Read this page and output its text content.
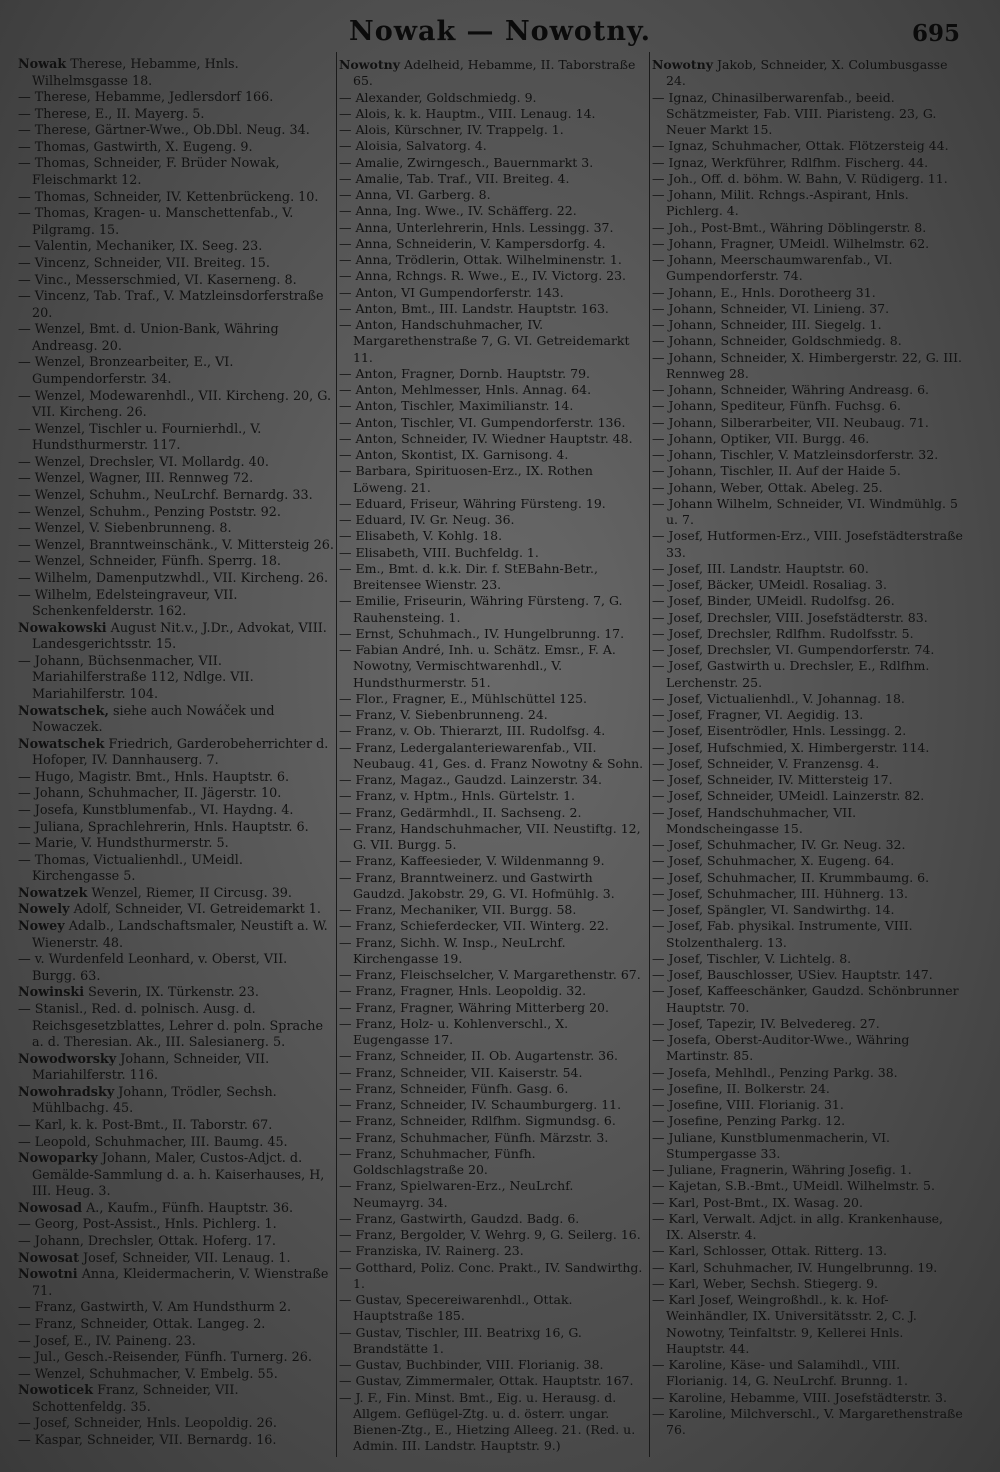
Nowak — Nowotny.	695
Nowak Therese, Hebamme, Hnls. Wilhelmsgasse 18.
— Therese, Hebamme, Jedlersdorf 166.
— Therese, E., II. Mayerg. 5.
— Therese, Gärtner-Wwe., Ob.Dbl. Neug. 34.
— Thomas, Gastwirth, X. Eugeng. 9.
— Thomas, Schneider, F. Brüder Nowak, Fleischmarkt 12.
— Thomas, Schneider, IV. Kettenbrückeng. 10.
— Thomas, Kragen- u. Manschettenfab., V. Pilgramg. 15.
— Valentin, Mechaniker, IX. Seeg. 23.
— Vincenz, Schneider, VII. Breiteg. 15.
— Vinc., Messerschmied, VI. Kaserneng. 8.
— Vincenz, Tab. Traf., V. Matzleinsdorferstraße 20.
— Wenzel, Bmt. d. Union-Bank, Währing Andreasg. 20.
— Wenzel, Bronzearbeiter, E., VI. Gumpendorferstr. 34.
— Wenzel, Modewarenhdl., VII. Kircheng. 20, G. VII. Kircheng. 26.
— Wenzel, Tischler u. Fournierhdl., V. Hundsthurmerstr. 117.
— Wenzel, Drechsler, VI. Mollardg. 40.
— Wenzel, Wagner, III. Rennweg 72.
— Wenzel, Schuhm., NeuLrchf. Bernardg. 33.
— Wenzel, Schuhm., Penzing Poststr. 92.
— Wenzel, V. Siebenbrunneng. 8.
— Wenzel, Branntweinschänk., V. Mittersteig 26.
— Wenzel, Schneider, Fünfh. Sperrg. 18.
— Wilhelm, Damenputzwhdl., VII. Kircheng. 26.
— Wilhelm, Edelsteingraveur, VII. Schenkenfelderstr. 162.
Nowakowski August Nit.v., J.Dr., Advokat, VIII. Landesgerichtsstr. 15.
— Johann, Büchsenmacher, VII. Mariahilferstraße 112, Ndlge. VII. Mariahilferstr. 104.
Nowatschek, siehe auch Nowáček und Nowaczek.
Nowatschek Friedrich, Garderobeherrichter d. Hofoper, IV. Dannhauserg. 7.
— Hugo, Magistr. Bmt., Hnls. Hauptstr. 6.
— Johann, Schuhmacher, II. Jägerstr. 10.
— Josefa, Kunstblumenfab., VI. Haydng. 4.
— Juliana, Sprachlehrerin, Hnls. Hauptstr. 6.
— Marie, V. Hundsthurmerstr. 5.
— Thomas, Victualienhdl., UMeidl. Kirchengasse 5.
Nowatzek Wenzel, Riemer, II Circusg. 39.
Nowely Adolf, Schneider, VI. Getreidemarkt 1.
Nowey Adalb., Landschaftsmaler, Neustift a. W. Wienerstr. 48.
— v. Wurdenfeld Leonhard, v. Oberst, VII. Burgg. 63.
Nowinski Severin, IX. Türkenstr. 23.
— Stanisl., Red. d. polnisch. Ausg. d. Reichsgesetzblattes, Lehrer d. poln. Sprache a. d. Theresian. Ak., III. Salesianerg. 5.
Nowodworsky Johann, Schneider, VII. Mariahilferstr. 116.
Nowohradsky Johann, Trödler, Sechsh. Mühlbachg. 45.
— Karl, k. k. Post-Bmt., II. Taborstr. 67.
— Leopold, Schuhmacher, III. Baumg. 45.
Nowoparky Johann, Maler, Custos-Adjct. d. Gemälde-Sammlung d. a. h. Kaiserhauses, H, III. Heug. 3.
Nowosad A., Kaufm., Fünfh. Hauptstr. 36.
— Georg, Post-Assist., Hnls. Pichlerg. 1.
— Johann, Drechsler, Ottak. Hoferg. 17.
Nowosat Josef, Schneider, VII. Lenaug. 1.
Nowotni Anna, Kleidermacherin, V. Wienstraße 71.
— Franz, Gastwirth, V. Am Hundsthurm 2.
— Franz, Schneider, Ottak. Langeg. 2.
— Josef, E., IV. Paineng. 23.
— Jul., Gesch.-Reisender, Fünfh. Turnerg. 26.
— Wenzel, Schuhmacher, V. Embelg. 55.
Nowoticek Franz, Schneider, VII. Schottenfeldg. 35.
— Josef, Schneider, Hnls. Leopoldig. 26.
— Kaspar, Schneider, VII. Bernardg. 16.
Nowotny Adelheid, Hebamme, II. Taborstraße 65.
— Alexander, Goldschmiedg. 9.
— Alois, k. k. Hauptm., VIII. Lenaug. 14.
— Alois, Kürschner, IV. Trappelg. 1.
— Aloisia, Salvatorg. 4.
— Amalie, Zwirngesch., Bauernmarkt 3.
— Amalie, Tab. Traf., VII. Breiteg. 4.
— Anna, VI. Garberg. 8.
— Anna, Ing. Wwe., IV. Schäfferg. 22.
— Anna, Unterlehrerin, Hnls. Lessingg. 37.
— Anna, Schneiderin, V. Kampersdorfg. 4.
— Anna, Trödlerin, Ottak. Wilhelminenstr. 1.
— Anna, Rchngs. R. Wwe., E., IV. Victorg. 23.
— Anton, VI Gumpendorferstr. 143.
— Anton, Bmt., III. Landstr. Hauptstr. 163.
— Anton, Handschuhmacher, IV. Margarethenstraße 7, G. VI. Getreidemarkt 11.
— Anton, Fragner, Dornb. Hauptstr. 79.
— Anton, Mehlmesser, Hnls. Annag. 64.
— Anton, Tischler, Maximilianstr. 14.
— Anton, Tischler, VI. Gumpendorferstr. 136.
— Anton, Schneider, IV. Wiedner Hauptstr. 48.
— Anton, Skontist, IX. Garnisong. 4.
— Barbara, Spirituosen-Erz., IX. Rothen Löweng. 21.
— Eduard, Friseur, Währing Fürsteng. 19.
— Eduard, IV. Gr. Neug. 36.
— Elisabeth, V. Kohlg. 18.
— Elisabeth, VIII. Buchfeldg. 1.
— Em., Bmt. d. k.k. Dir. f. StEBahn-Betr., Breitensee Wienstr. 23.
— Emilie, Friseurin, Währing Fürsteng. 7, G. Rauhensteing. 1.
— Ernst, Schuhmach., IV. Hungelbrunng. 17.
— Fabian André, Inh. u. Schätz. Emsr., F. A. Nowotny, Vermischtwarenhdl., V. Hundsthurmerstr. 51.
— Flor., Fragner, E., Mühlschüttel 125.
— Franz, V. Siebenbrunneng. 24.
— Franz, v. Ob. Thierarzt, III. Rudolfsg. 4.
— Franz, Ledergalanteriewarenfab., VII. Neubaug. 41, Ges. d. Franz Nowotny & Sohn.
— Franz, Magaz., Gaudzd. Lainzerstr. 34.
— Franz, v. Hptm., Hnls. Gürtelstr. 1.
— Franz, Gedärmhdl., II. Sachseng. 2.
— Franz, Handschuhmacher, VII. Neustiftg. 12, G. VII. Burgg. 5.
— Franz, Kaffeesieder, V. Wildenmanng 9.
— Franz, Branntweinerz. und Gastwirth Gaudzd. Jakobstr. 29, G. VI. Hofmühlg. 3.
— Franz, Mechaniker, VII. Burgg. 58.
— Franz, Schieferdecker, VII. Winterg. 22.
— Franz, Sichh. W. Insp., NeuLrchf. Kirchengasse 19.
— Franz, Fleischselcher, V. Margarethenstr. 67.
— Franz, Fragner, Hnls. Leopoldig. 32.
— Franz, Fragner, Währing Mitterberg 20.
— Franz, Holz- u. Kohlenverschl., X. Eugengasse 17.
— Franz, Schneider, II. Ob. Augartenstr. 36.
— Franz, Schneider, VII. Kaiserstr. 54.
— Franz, Schneider, Fünfh. Gasg. 6.
— Franz, Schneider, IV. Schaumburgerg. 11.
— Franz, Schneider, Rdlfhm. Sigmundsg. 6.
— Franz, Schuhmacher, Fünfh. Märzstr. 3.
— Franz, Schuhmacher, Fünfh. Goldschlagstraße 20.
— Franz, Spielwaren-Erz., NeuLrchf. Neumayrg. 34.
— Franz, Gastwirth, Gaudzd. Badg. 6.
— Franz, Bergolder, V. Wehrg. 9, G. Seilerg. 16.
— Franziska, IV. Rainerg. 23.
— Gotthard, Poliz. Conc. Prakt., IV. Sandwirthg. 1.
— Gustav, Specereiwarenhdl., Ottak. Hauptstraße 185.
— Gustav, Tischler, III. Beatrixg 16, G. Brandstätte 1.
— Gustav, Buchbinder, VIII. Florianig. 38.
— Gustav, Zimmermaler, Ottak. Hauptstr. 167.
— J. F., Fin. Minst. Bmt., Eig. u. Herausg. d. Allgem. Geflügel-Ztg. u. d. österr. ungar. Bienen-Ztg., E., Hietzing Alleeg. 21. (Red. u. Admin. III. Landstr. Hauptstr. 9.)
Nowotny Jakob, Schneider, X. Columbusgasse 24.
— Ignaz, Chinasilberwarenfab., beeid. Schätzmeister, Fab. VIII. Piaristeng. 23, G. Neuer Markt 15.
— Ignaz, Schuhmacher, Ottak. Flötzersteig 44.
— Ignaz, Werkführer, Rdlfhm. Fischerg. 44.
— Joh., Off. d. böhm. W. Bahn, V. Rüdigerg. 11.
— Johann, Milit. Rchngs.-Aspirant, Hnls. Pichlerg. 4.
— Joh., Post-Bmt., Währing Döblingerstr. 8.
— Johann, Fragner, UMeidl. Wilhelmstr. 62.
— Johann, Meerschaumwarenfab., VI. Gumpendorferstr. 74.
— Johann, E., Hnls. Dorotheerg 31.
— Johann, Schneider, VI. Linieng. 37.
— Johann, Schneider, III. Siegelg. 1.
— Johann, Schneider, Goldschmiedg. 8.
— Johann, Schneider, X. Himbergerstr. 22, G. III. Rennweg 28.
— Johann, Schneider, Währing Andreasg. 6.
— Johann, Spediteur, Fünfh. Fuchsg. 6.
— Johann, Silberarbeiter, VII. Neubaug. 71.
— Johann, Optiker, VII. Burgg. 46.
— Johann, Tischler, V. Matzleinsdorferstr. 32.
— Johann, Tischler, II. Auf der Haide 5.
— Johann, Weber, Ottak. Abeleg. 25.
— Johann Wilhelm, Schneider, VI. Windmühlg. 5 u. 7.
— Josef, Hutformen-Erz., VIII. Josefstädterstraße 33.
— Josef, III. Landstr. Hauptstr. 60.
— Josef, Bäcker, UMeidl. Rosaliag. 3.
— Josef, Binder, UMeidl. Rudolfsg. 26.
— Josef, Drechsler, VIII. Josefstädterstr. 83.
— Josef, Drechsler, Rdlfhm. Rudolfsstr. 5.
— Josef, Drechsler, VI. Gumpendorferstr. 74.
— Josef, Gastwirth u. Drechsler, E., Rdlfhm. Lerchenstr. 25.
— Josef, Victualienhdl., V. Johannag. 18.
— Josef, Fragner, VI. Aegidig. 13.
— Josef, Eisentrödler, Hnls. Lessingg. 2.
— Josef, Hufschmied, X. Himbergerstr. 114.
— Josef, Schneider, V. Franzensg. 4.
— Josef, Schneider, IV. Mittersteig 17.
— Josef, Schneider, UMeidl. Lainzerstr. 82.
— Josef, Handschuhmacher, VII. Mondscheingasse 15.
— Josef, Schuhmacher, IV. Gr. Neug. 32.
— Josef, Schuhmacher, X. Eugeng. 64.
— Josef, Schuhmacher, II. Krummbaumg. 6.
— Josef, Schuhmacher, III. Hühnerg. 13.
— Josef, Spängler, VI. Sandwirthg. 14.
— Josef, Fab. physikal. Instrumente, VIII. Stolzenthalerg. 13.
— Josef, Tischler, V. Lichtelg. 8.
— Josef, Bauschlosser, USiev. Hauptstr. 147.
— Josef, Kaffeeschänker, Gaudzd. Schönbrunner Hauptstr. 70.
— Josef, Tapezir, IV. Belvedereg. 27.
— Josefa, Oberst-Auditor-Wwe., Währing Martinstr. 85.
— Josefa, Mehlhdl., Penzing Parkg. 38.
— Josefine, II. Bolkerstr. 24.
— Josefine, VIII. Florianig. 31.
— Josefine, Penzing Parkg. 12.
— Juliane, Kunstblumenmacherin, VI. Stumpergasse 33.
— Juliane, Fragnerin, Währing Josefig. 1.
— Kajetan, S.B.-Bmt., UMeidl. Wilhelmstr. 5.
— Karl, Post-Bmt., IX. Wasag. 20.
— Karl, Verwalt. Adjct. in allg. Krankenhause, IX. Alserstr. 4.
— Karl, Schlosser, Ottak. Ritterg. 13.
— Karl, Schuhmacher, IV. Hungelbrunng. 19.
— Karl, Weber, Sechsh. Stiegerg. 9.
— Karl Josef, Weingroßhdl., k. k. Hof-Weinhändler, IX. Universitätsstr. 2, C. J. Nowotny, Teinfaltstr. 9, Kellerei Hnls. Hauptstr. 44.
— Karoline, Käse- und Salamihdl., VIII. Florianig. 14, G. NeuLrchf. Brunng. 1.
— Karoline, Hebamme, VIII. Josefstädterstr. 3.
— Karoline, Milchverschl., V. Margarethenstraße 76.
